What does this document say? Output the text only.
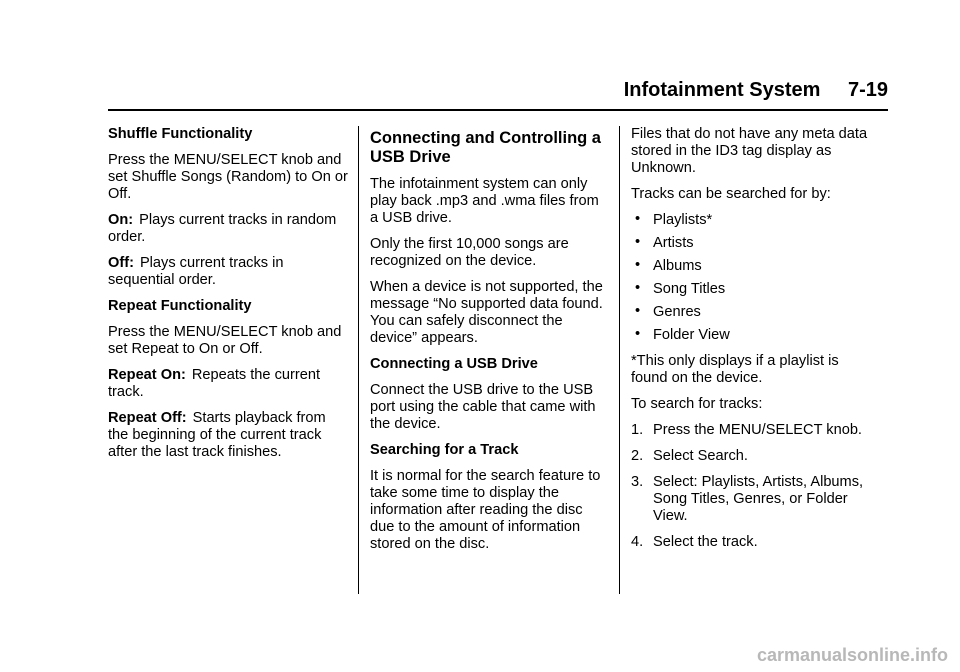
Infotainment System 7-19

Shuffle Functionality

Press the MENU/SELECT knob and set Shuffle Songs (Random) to On or Off.

On: Plays current tracks in random order.

Off: Plays current tracks in sequential order.

Repeat Functionality

Press the MENU/SELECT knob and set Repeat to On or Off.

Repeat On: Repeats the current track.

Repeat Off: Starts playback from the beginning of the current track after the last track finishes.

Connecting and Controlling a USB Drive

The infotainment system can only play back .mp3 and .wma files from a USB drive.

Only the first 10,000 songs are recognized on the device.

When a device is not supported, the message “No supported data found. You can safely disconnect the device” appears.

Connecting a USB Drive

Connect the USB drive to the USB port using the cable that came with the device.

Searching for a Track

It is normal for the search feature to take some time to display the information after reading the disc due to the amount of information stored on the disc.

Files that do not have any meta data stored in the ID3 tag display as Unknown.

Tracks can be searched for by:

• Playlists*
• Artists
• Albums
• Song Titles
• Genres
• Folder View

*This only displays if a playlist is found on the device.

To search for tracks:

1. Press the MENU/SELECT knob.
2. Select Search.
3. Select: Playlists, Artists, Albums, Song Titles, Genres, or Folder View.
4. Select the track.
carmanualsonline.info
